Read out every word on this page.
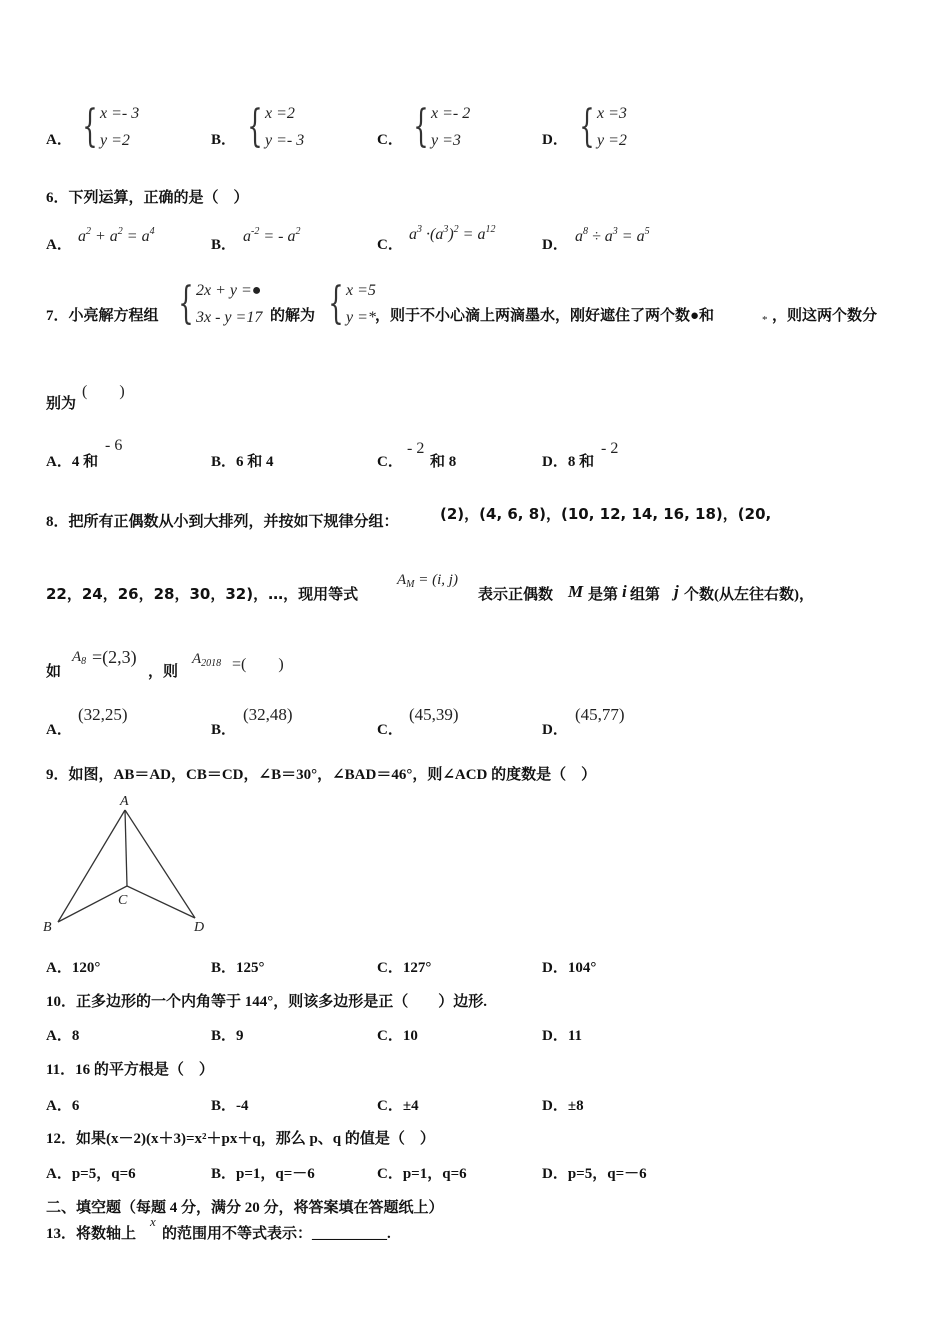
A． { x =- 3
y =2	B． { x =2
y =- 3	C． { x =- 2
y =3	D． { x =3
y =2
6．下列运算，正确的是（　）
A． $a^2 + a^2 = a^4$
B． $a^{-2}$ = - $a^2$
C．
$a^3 \cdot(a^3)^2 = a^{12}$
D． $a^8 \div a^3 = a^5$
7．小亮解方程组 { 2x + y =●
3x - y =17 的解为 { x =5
y =* ，则于不小心滴上两滴墨水，刚好遮住了两个数●和	* ，则这两个数分
别为
(　　)
A．4 和
- 6
B．6 和 4	C．
- 2
和 8	D．8 和
- 2
8．把所有正偶数从小到大排列，并按如下规律分组：	(2)，(4, 6, 8)，(10, 12, 14, 16, 18)，(20,
22，24，26，28，30，32)，…，现用等式
$A_M = (i$, j)
表示正偶数 M 是第 i 组第 j 个数(从左往右数)，
如
$A_8 =(2,3)$
，则
$A_{2018}$ =(　　)
A．
(32,25)
B．
(32,48)
C．
(45,39)
D．
(45,77)
9．如图，AB＝AD，CB＝CD，∠B＝30°，∠BAD＝46°，则∠ACD 的度数是（　）
A
B
C
D
A．120°	B．125°	C．127°	D．104°
10．正多边形的一个内角等于 144°，则该多边形是正（　　）边形.
A．8	B．9	C．10	D．11
11．16 的平方根是（　）
A．6	B．-4	C．±4	D．±8
12．如果(x－2)(x＋3)=x²＋px＋q，那么 p、q 的值是（　）
A．p=5，q=6	B．p=1，q=－6	C．p=1，q=6	D．p=5，q=－6
二、填空题（每题 4 分，满分 20 分，将答案填在答题纸上）
13．将数轴上
x
的范围用不等式表示：__________.
